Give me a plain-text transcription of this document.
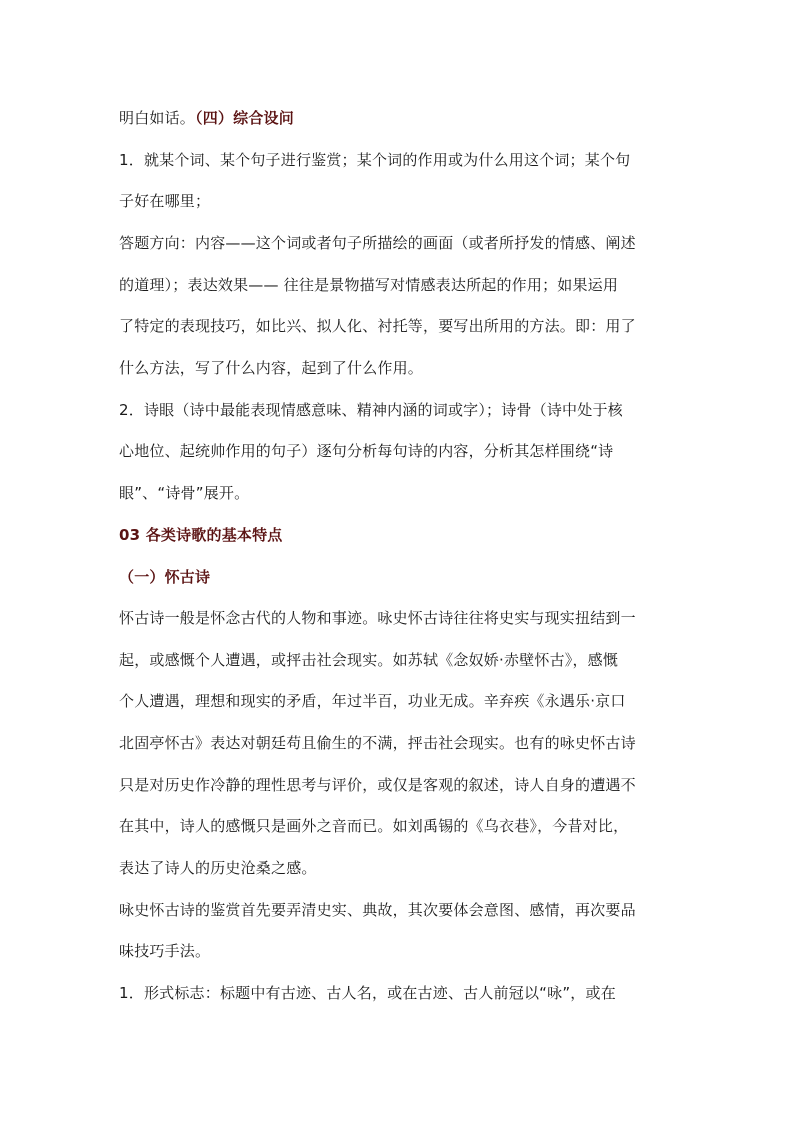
明白如话。（四）综合设问
1．就某个词、某个句子进行鉴赏；某个词的作用或为什么用这个词；某个句
子好在哪里；
答题方向：内容——这个词或者句子所描绘的画面（或者所抒发的情感、阐述
的道理）；表达效果—— 往往是景物描写对情感表达所起的作用；如果运用
了特定的表现技巧，如比兴、拟人化、衬托等，要写出所用的方法。即：用了
什么方法，写了什么内容，起到了什么作用。
2．诗眼（诗中最能表现情感意味、精神内涵的词或字）；诗骨（诗中处于核
心地位、起统帅作用的句子）逐句分析每句诗的内容，分析其怎样围绕“诗
眼”、“诗骨”展开。
03 各类诗歌的基本特点
（一）怀古诗
怀古诗一般是怀念古代的人物和事迹。咏史怀古诗往往将史实与现实扭结到一
起，或感慨个人遭遇，或抨击社会现实。如苏轼《念奴娇·赤壁怀古》，感慨
个人遭遇，理想和现实的矛盾，年过半百，功业无成。辛弃疾《永遇乐·京口
北固亭怀古》表达对朝廷苟且偷生的不满，抨击社会现实。也有的咏史怀古诗
只是对历史作冷静的理性思考与评价，或仅是客观的叙述，诗人自身的遭遇不
在其中，诗人的感慨只是画外之音而已。如刘禹锡的《乌衣巷》，今昔对比，
表达了诗人的历史沧桑之感。
咏史怀古诗的鉴赏首先要弄清史实、典故，其次要体会意图、感情，再次要品
味技巧手法。
1．形式标志：标题中有古迹、古人名，或在古迹、古人前冠以“咏”，或在
